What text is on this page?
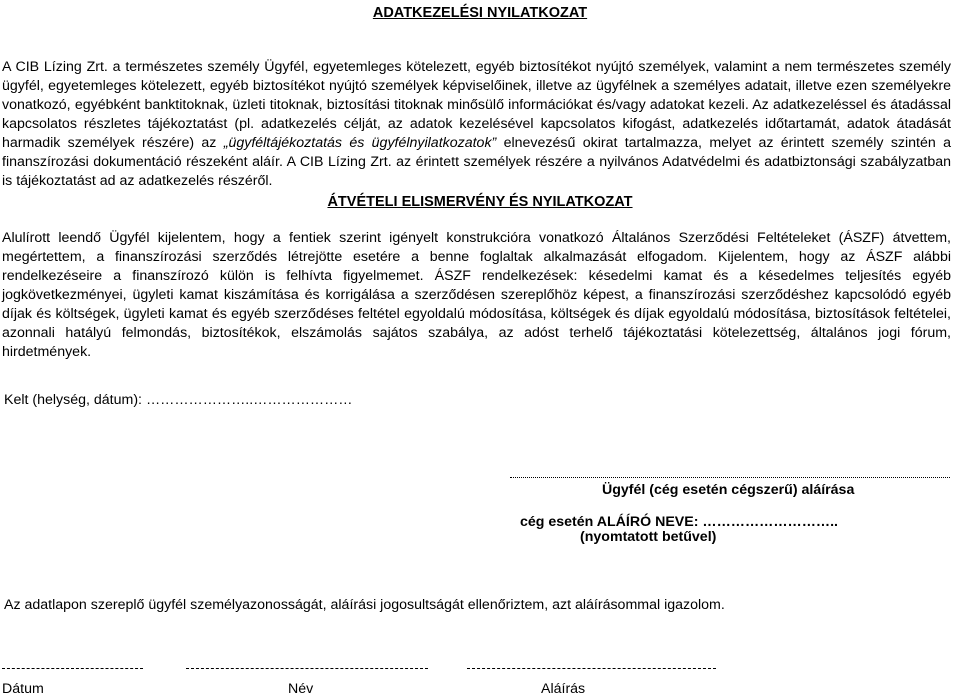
ADATKEZELÉSI NYILATKOZAT

A CIB Lízing Zrt. a természetes személy Ügyfél, egyetemleges kötelezett, egyéb biztosítékot nyújtó személyek, valamint a nem természetes személy ügyfél, egyetemleges kötelezett, egyéb biztosítékot nyújtó személyek képviselőinek, illetve az ügyfélnek a személyes adatait, illetve ezen személyekre vonatkozó, egyébként banktitoknak, üzleti titoknak, biztosítási titoknak minősülő információkat és/vagy adatokat kezeli. Az adatkezeléssel és átadással kapcsolatos részletes tájékoztatást (pl. adatkezelés célját, az adatok kezelésével kapcsolatos kifogást, adatkezelés időtartamát, adatok átadását harmadik személyek részére) az „ügyféltájékoztatás és ügyfélnyilatkozatok” elnevezésű okirat tartalmazza, melyet az érintett személy szintén a finanszírozási dokumentáció részeként aláír. A CIB Lízing Zrt. az érintett személyek részére a nyilvános Adatvédelmi és adatbiztonsági szabályzatban is tájékoztatást ad az adatkezelés részéről.

ÁTVÉTELI ELISMERVÉNY ÉS NYILATKOZAT

Alulírott leendő Ügyfél kijelentem, hogy a fentiek szerint igényelt konstrukcióra vonatkozó Általános Szerződési Feltételeket (ÁSZF) átvettem, megértettem, a finanszírozási szerződés létrejötte esetére a benne foglaltak alkalmazását elfogadom. Kijelentem, hogy az ÁSZF alábbi rendelkezéseire a finanszírozó külön is felhívta figyelmemet. ÁSZF rendelkezések: késedelmi kamat és a késedelmes teljesítés egyéb jogkövetkezményei, ügyleti kamat kiszámítása és korrigálása a szerződésen szereplőhöz képest, a finanszírozási szerződéshez kapcsolódó egyéb díjak és költségek, ügyleti kamat és egyéb szerződéses feltétel egyoldalú módosítása, költségek és díjak egyoldalú módosítása, biztosítások feltételei, azonnali hatályú felmondás, biztosítékok, elszámolás sajátos szabálya, az adóst terhelő tájékoztatási kötelezettség, általános jogi fórum, hirdetmények.

Kelt (helység, dátum): …………………..…………………

Ügyfél (cég esetén cégszerű) aláírása

cég esetén ALÁÍRÓ NEVE: ………………………..

(nyomtatott betűvel)

Az adatlapon szereplő ügyfél személyazonosságát, aláírási jogosultságát ellenőriztem, azt aláírásommal igazolom.

Dátum	Név	Aláírás
